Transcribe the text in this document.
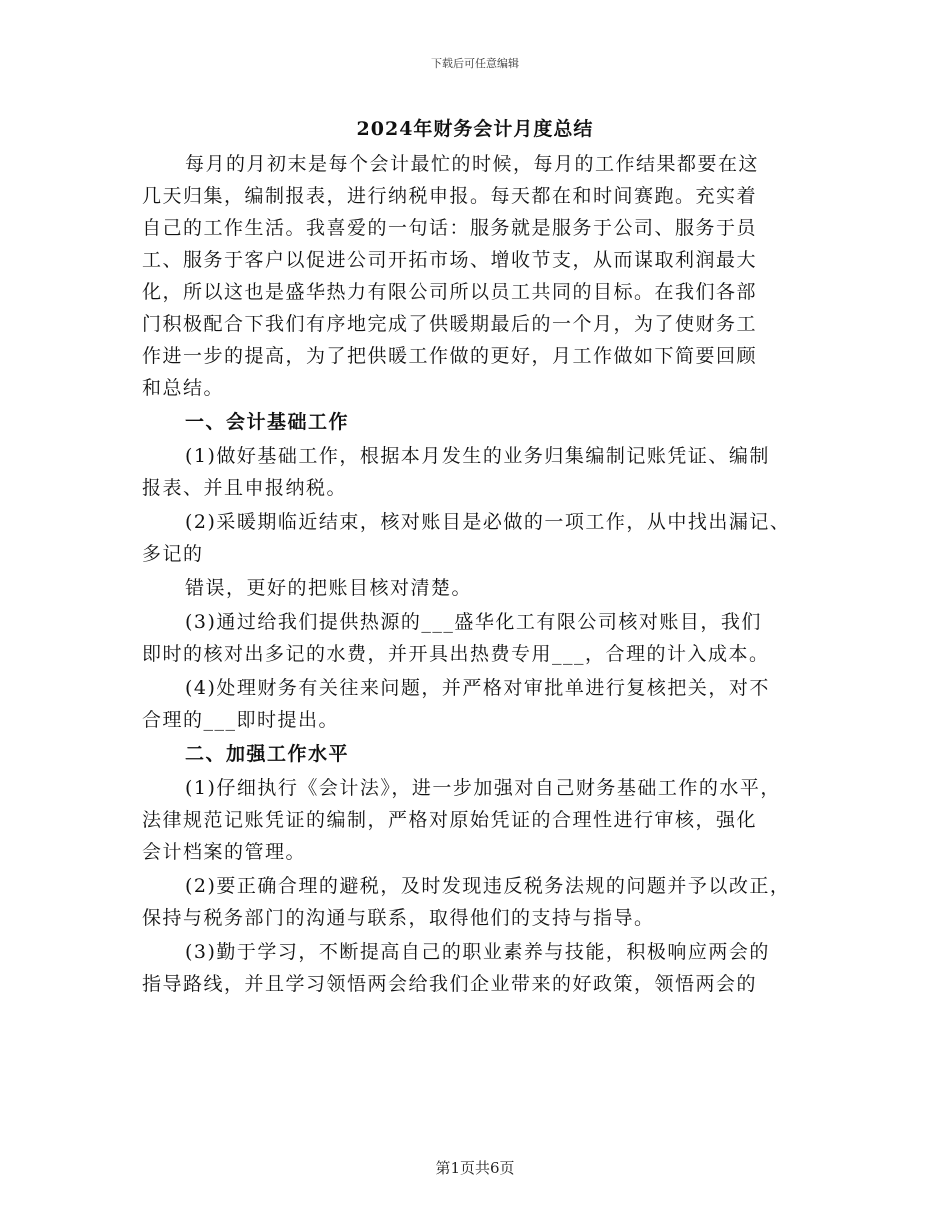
下载后可任意编辑
2024年财务会计月度总结
每月的月初末是每个会计最忙的时候，每月的工作结果都要在这
几天归集，编制报表，进行纳税申报。每天都在和时间赛跑。充实着
自己的工作生活。我喜爱的一句话：服务就是服务于公司、服务于员
工、服务于客户以促进公司开拓市场、增收节支，从而谋取利润最大
化，所以这也是盛华热力有限公司所以员工共同的目标。在我们各部
门积极配合下我们有序地完成了供暖期最后的一个月，为了使财务工
作进一步的提高，为了把供暖工作做的更好，月工作做如下简要回顾
和总结。
一、会计基础工作
(1)做好基础工作，根据本月发生的业务归集编制记账凭证、编制
报表、并且申报纳税。
(2)采暖期临近结束，核对账目是必做的一项工作，从中找出漏记、
多记的
错误，更好的把账目核对清楚。
(3)通过给我们提供热源的___盛华化工有限公司核对账目，我们
即时的核对出多记的水费，并开具出热费专用___，合理的计入成本。
(4)处理财务有关往来问题，并严格对审批单进行复核把关，对不
合理的___即时提出。
二、加强工作水平
(1)仔细执行《会计法》，进一步加强对自己财务基础工作的水平，
法律规范记账凭证的编制，严格对原始凭证的合理性进行审核，强化
会计档案的管理。
(2)要正确合理的避税，及时发现违反税务法规的问题并予以改正，
保持与税务部门的沟通与联系，取得他们的支持与指导。
(3)勤于学习，不断提高自己的职业素养与技能，积极响应两会的
指导路线，并且学习领悟两会给我们企业带来的好政策，领悟两会的
第1页共6页
